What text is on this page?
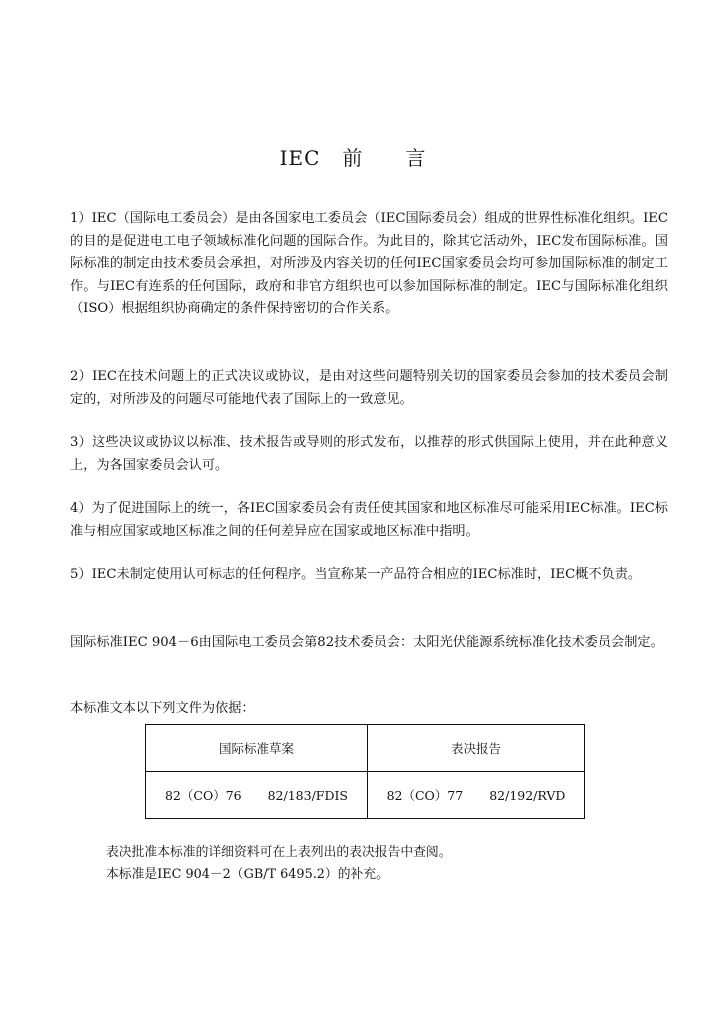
IEC 前 言
1）IEC（国际电工委员会）是由各国家电工委员会（IEC国际委员会）组成的世界性标准化组织。IEC的目的是促进电工电子领域标准化问题的国际合作。为此目的，除其它活动外，IEC发布国际标准。国际标准的制定由技术委员会承担，对所涉及内容关切的任何IEC国家委员会均可参加国际标准的制定工作。与IEC有连系的任何国际，政府和非官方组织也可以参加国际标准的制定。IEC与国际标准化组织（ISO）根据组织协商确定的条件保持密切的合作关系。
2）IEC在技术问题上的正式决议或协议，是由对这些问题特别关切的国家委员会参加的技术委员会制定的，对所涉及的问题尽可能地代表了国际上的一致意见。
3）这些决议或协议以标准、技术报告或导则的形式发布，以推荐的形式供国际上使用，并在此种意义上，为各国家委员会认可。
4）为了促进国际上的统一，各IEC国家委员会有责任使其国家和地区标准尽可能采用IEC标准。IEC标准与相应国家或地区标准之间的任何差异应在国家或地区标准中指明。
5）IEC未制定使用认可标志的任何程序。当宣称某一产品符合相应的IEC标准时，IEC概不负责。
国际标准IEC 904－6由国际电工委员会第82技术委员会：太阳光伏能源系统标准化技术委员会制定。
本标准文本以下列文件为依据：
国际标准草案	表决报告
82（CO）76 82/183/FDIS	82（CO）77 82/192/RVD
表决批准本标准的详细资料可在上表列出的表决报告中查阅。
本标准是IEC 904－2（GB/T 6495.2）的补充。
